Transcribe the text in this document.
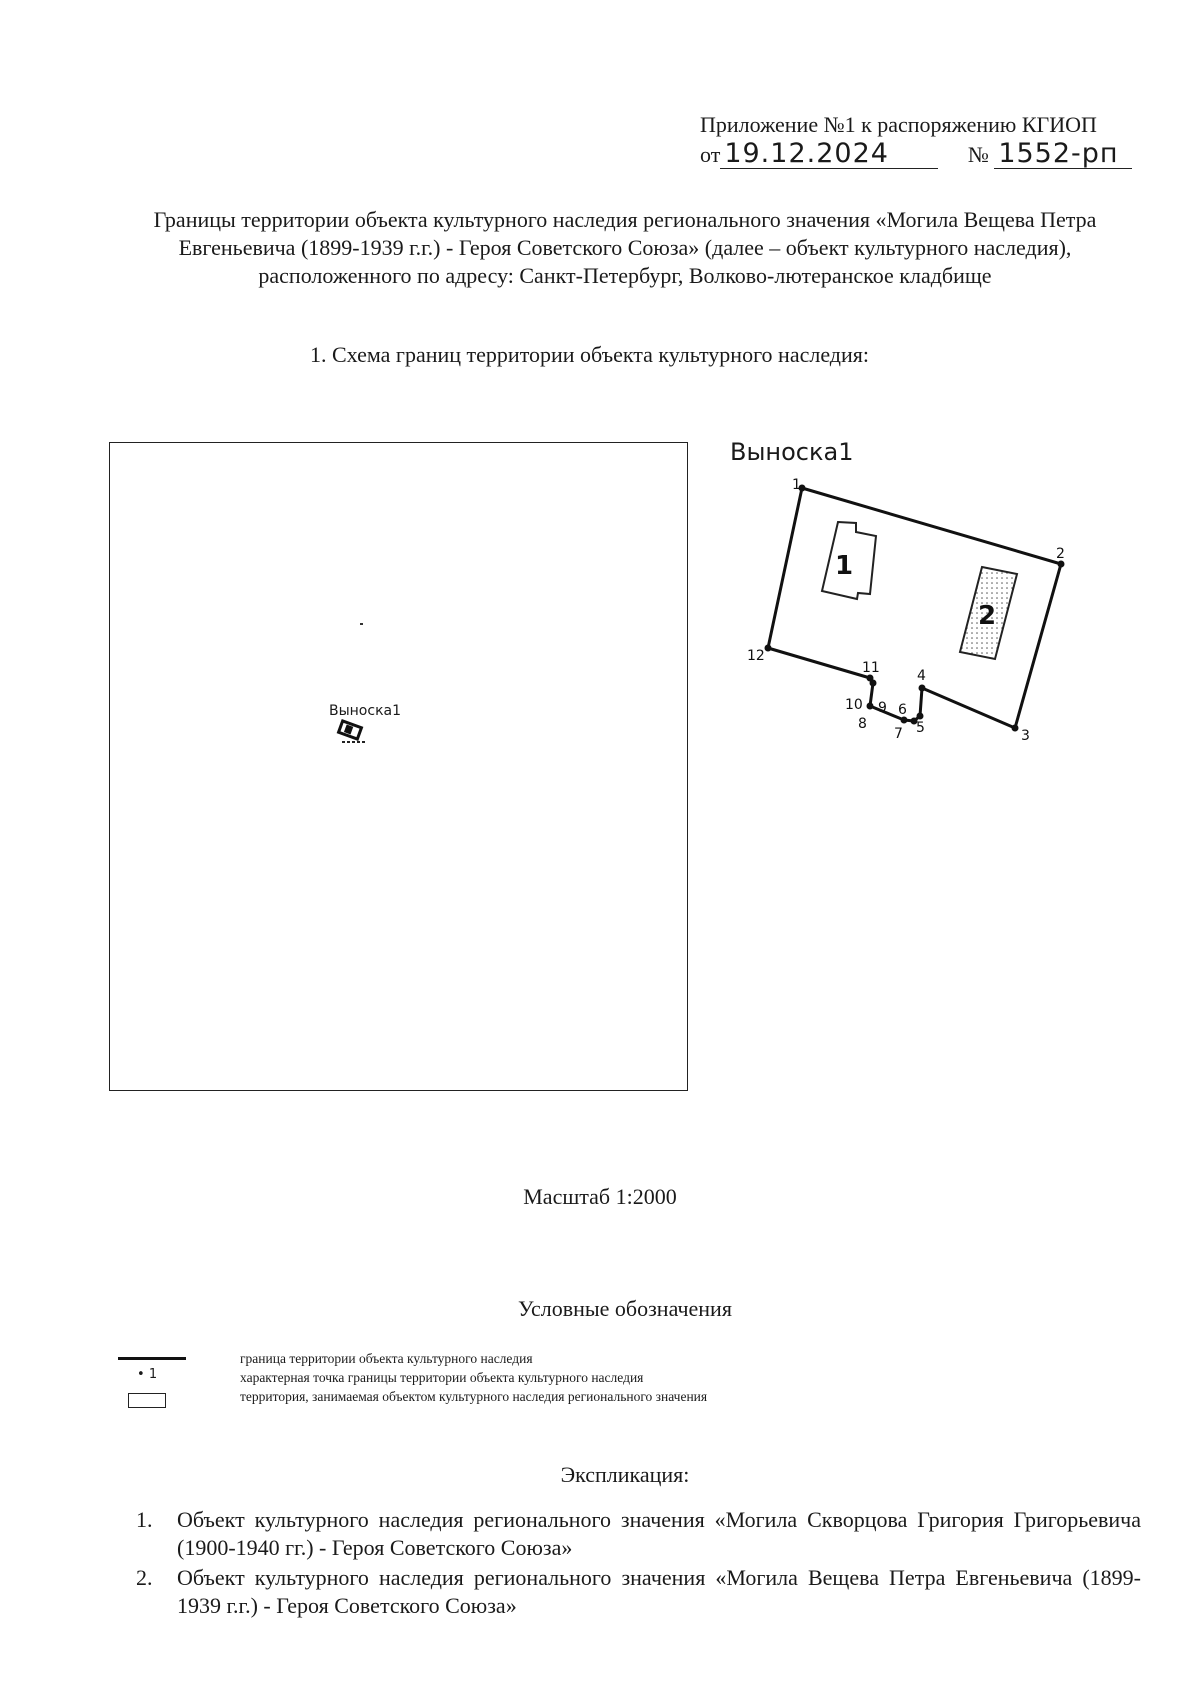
Приложение №1 к распоряжению КГИОП
от 19.12.2024	№ 1552-рп
Границы территории объекта культурного наследия регионального значения «Могила Вещева Петра Евгеньевича (1899-1939 г.г.) - Героя Советского Союза» (далее – объект культурного наследия), расположенного по адресу: Санкт-Петербург, Волково-лютеранское кладбище
1. Схема границ территории объекта культурного наследия:
Выноска1
Выноска1
1
2
3
4
5
6
7
8
9
10
11
12
1
2
Масштаб 1:2000
Условные обозначения
• 1
граница территории объекта культурного наследия
характерная точка границы территории объекта культурного наследия
территория, занимаемая объектом культурного наследия регионального значения
Экспликация:
1. Объект культурного наследия регионального значения «Могила Скворцова Григория Григорьевича (1900-1940 гг.) - Героя Советского Союза»
2. Объект культурного наследия регионального значения «Могила Вещева Петра Евгеньевича (1899-1939 г.г.) - Героя Советского Союза»
